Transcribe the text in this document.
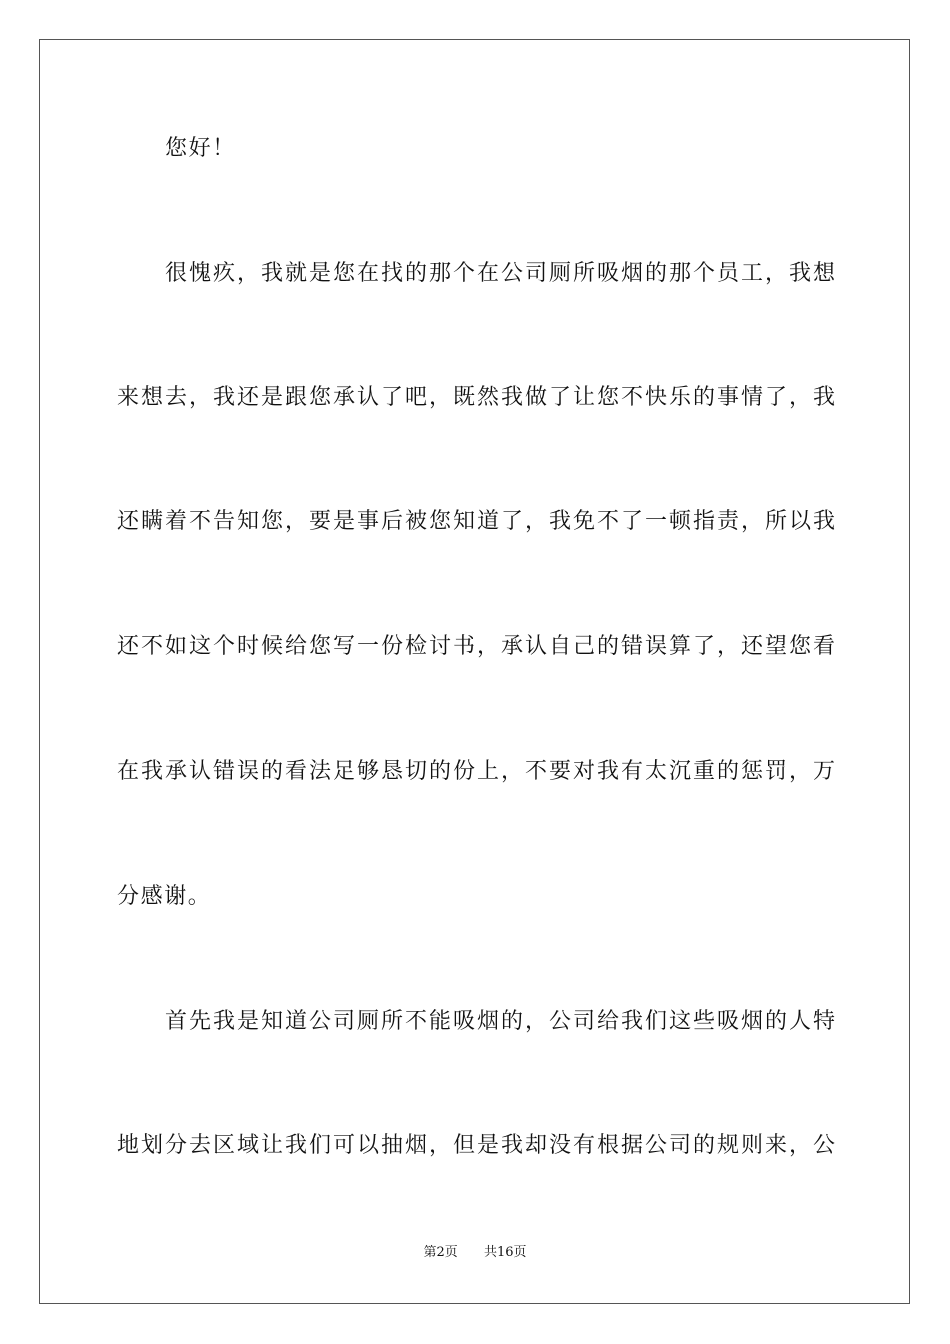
您好！
很愧疚，我就是您在找的那个在公司厕所吸烟的那个员工，我想
来想去，我还是跟您承认了吧，既然我做了让您不快乐的事情了，我
还瞒着不告知您，要是事后被您知道了，我免不了一顿指责，所以我
还不如这个时候给您写一份检讨书，承认自己的错误算了，还望您看
在我承认错误的看法足够恳切的份上，不要对我有太沉重的惩罚，万
分感谢。
首先我是知道公司厕所不能吸烟的，公司给我们这些吸烟的人特
地划分去区域让我们可以抽烟，但是我却没有根据公司的规则来，公
第2页 共16页
